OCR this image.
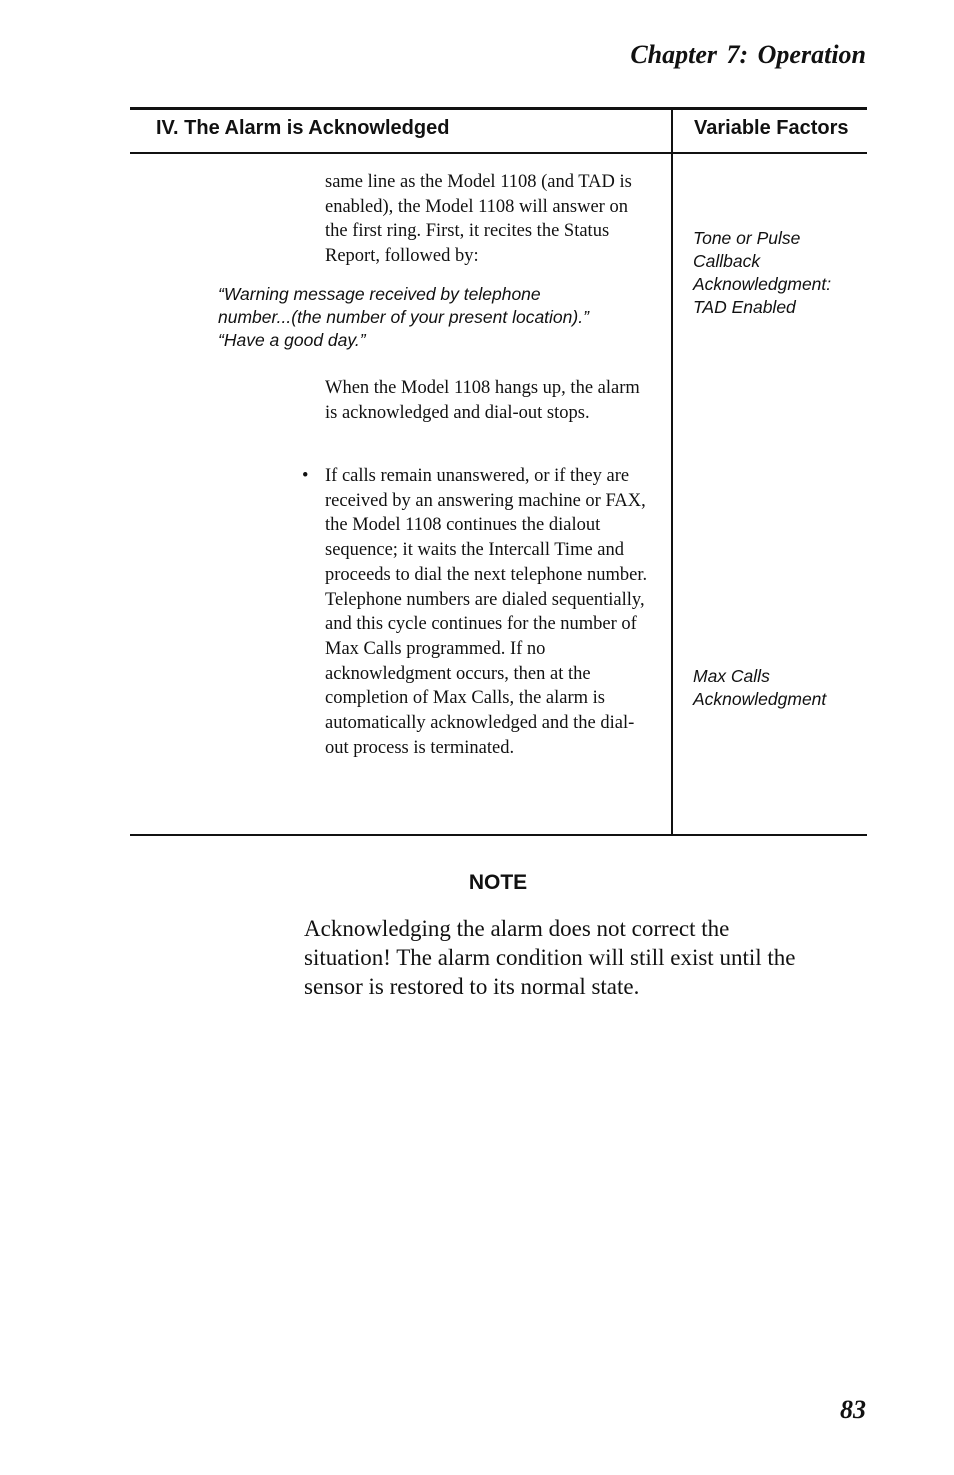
Chapter 7: Operation
IV. The Alarm is Acknowledged	Variable Factors
same line as the Model 1108 (and TAD is enabled), the Model 1108 will answer on the first ring. First, it recites the Status Report, followed by:
“Warning message received by telephone
number...(the number of your present location).”
“Have a good day.”
When the Model 1108 hangs up, the alarm is acknowledged and dial-out stops.
• If calls remain unanswered, or if they are received by an answering machine or FAX, the Model 1108 continues the dialout sequence; it waits the Intercall Time and proceeds to dial the next telephone number. Telephone numbers are dialed sequentially, and this cycle continues for the number of Max Calls programmed. If no acknowledgment occurs, then at the completion of Max Calls, the alarm is automatically acknowledged and the dial-out process is terminated.
Tone or Pulse
Callback
Acknowledgment:
TAD Enabled
Max Calls
Acknowledgment
NOTE
Acknowledging the alarm does not correct the situation! The alarm condition will still exist until the sensor is restored to its normal state.
83
